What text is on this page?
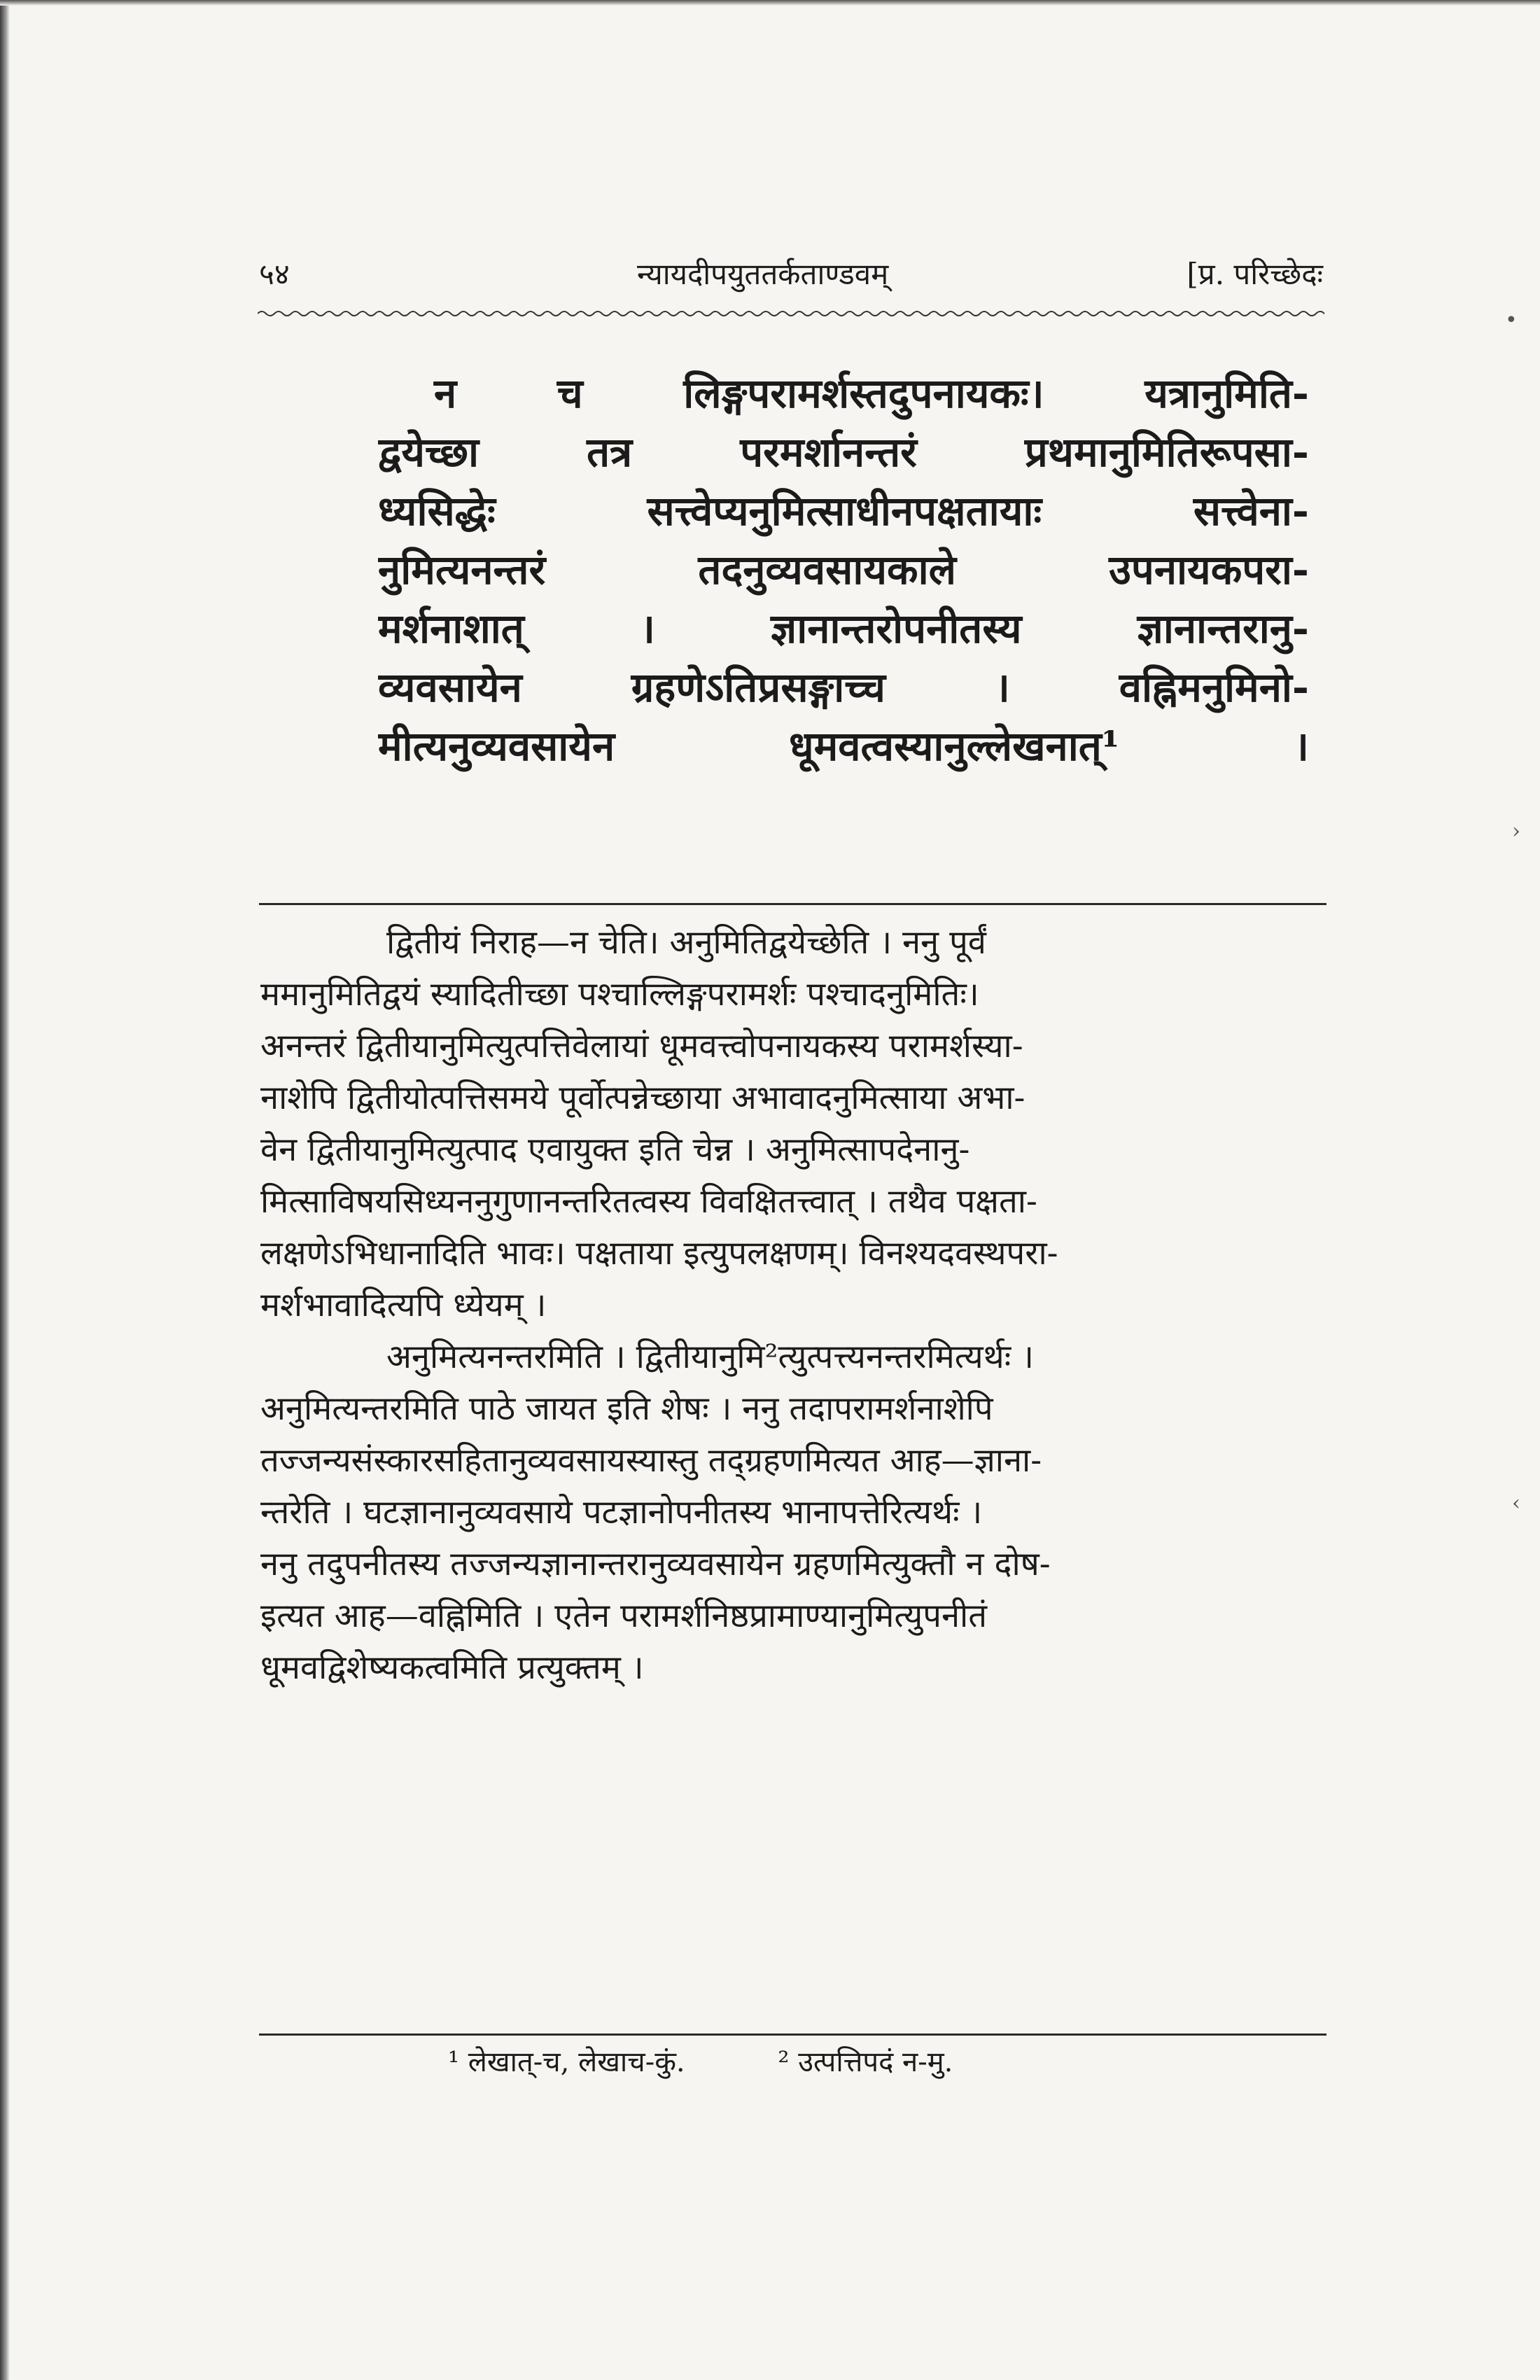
५४	न्यायदीपयुततर्कताण्डवम्	[प्र. परिच्छेदः
न च लिङ्गपरामर्शस्तदुपनायकः। यत्रानुमिति-
द्वयेच्छा तत्र परमर्शानन्तरं प्रथमानुमितिरूपसा-
ध्यसिद्धेः सत्त्वेप्यनुमित्साधीनपक्षतायाः सत्त्वेना-
नुमित्यनन्तरं तदनुव्यवसायकाले उपनायकपरा-
मर्शनाशात् । ज्ञानान्तरोपनीतस्य ज्ञानान्तरानु-
व्यवसायेन ग्रहणेऽतिप्रसङ्गाच्च । वह्निमनुमिनो-
मीत्यनुव्यवसायेन धूमवत्वस्यानुल्लेखनात्¹ ।
द्वितीयं निराह—न चेति। अनुमितिद्वयेच्छेति । ननु पूर्वं
ममानुमितिद्वयं स्यादितीच्छा पश्चाल्लिङ्गपरामर्शः पश्चादनुमितिः।
अनन्तरं द्वितीयानुमित्युत्पत्तिवेलायां धूमवत्त्वोपनायकस्य परामर्शस्या-
नाशेपि द्वितीयोत्पत्तिसमये पूर्वोत्पन्नेच्छाया अभावादनुमित्साया अभा-
वेन द्वितीयानुमित्युत्पाद एवायुक्त इति चेन्न । अनुमित्सापदेनानु-
मित्साविषयसिध्यननुगुणानन्तरितत्वस्य विवक्षितत्त्वात् । तथैव पक्षता-
लक्षणेऽभिधानादिति भावः। पक्षताया इत्युपलक्षणम्। विनश्यदवस्थपरा-
मर्शभावादित्यपि ध्येयम् ।
अनुमित्यनन्तरमिति । द्वितीयानुमि²त्युत्पत्त्यनन्तरमित्यर्थः ।
अनुमित्यन्तरमिति पाठे जायत इति शेषः । ननु तदापरामर्शनाशेपि
तज्जन्यसंस्कारसहितानुव्यवसायस्यास्तु तद्ग्रहणमित्यत आह—ज्ञाना-
न्तरेति । घटज्ञानानुव्यवसाये पटज्ञानोपनीतस्य भानापत्तेरित्यर्थः ।
ननु तदुपनीतस्य तज्जन्यज्ञानान्तरानुव्यवसायेन ग्रहणमित्युक्तौ न दोष-
इत्यत आह—वह्निमिति । एतेन परामर्शनिष्ठप्रामाण्यानुमित्युपनीतं
धूमवद्विशेष्यकत्वमिति प्रत्युक्तम् ।
¹ लेखात्-च, लेखाच-कुं.	² उत्पत्तिपदं न-मु.
•
›
‹
